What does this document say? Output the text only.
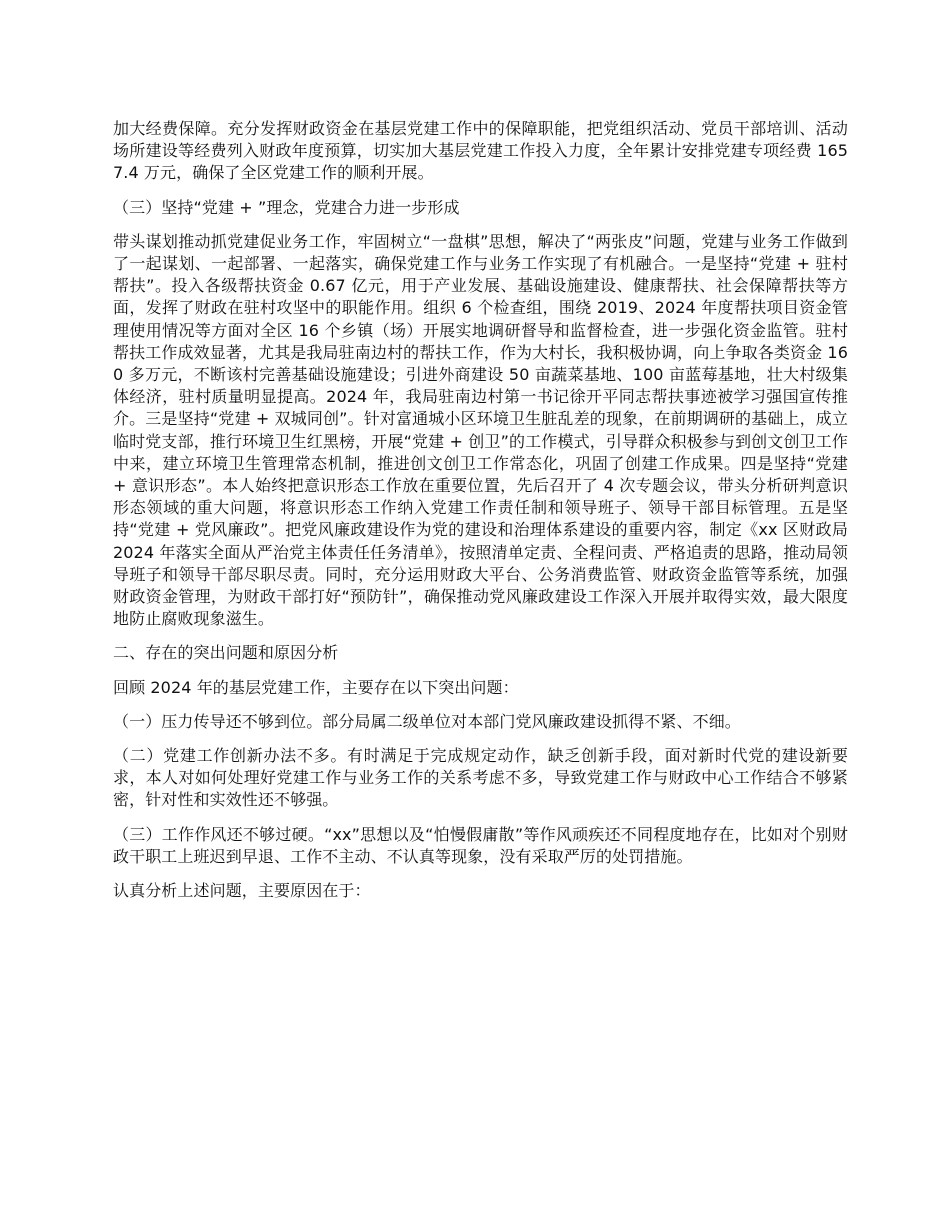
加大经费保障。充分发挥财政资金在基层党建工作中的保障职能，把党组织活动、党员干部培训、活动场所建设等经费列入财政年度预算，切实加大基层党建工作投入力度，全年累计安排党建专项经费 1657.4 万元，确保了全区党建工作的顺利开展。

（三）坚持“党建 + ”理念，党建合力进一步形成

带头谋划推动抓党建促业务工作，牢固树立“一盘棋”思想，解决了“两张皮”问题，党建与业务工作做到了一起谋划、一起部署、一起落实，确保党建工作与业务工作实现了有机融合。一是坚持“党建 + 驻村帮扶”。投入各级帮扶资金 0.67 亿元，用于产业发展、基础设施建设、健康帮扶、社会保障帮扶等方面，发挥了财政在驻村攻坚中的职能作用。组织 6 个检查组，围绕 2019、2024 年度帮扶项目资金管理使用情况等方面对全区 16 个乡镇（场）开展实地调研督导和监督检查，进一步强化资金监管。驻村帮扶工作成效显著，尤其是我局驻南边村的帮扶工作，作为大村长，我积极协调，向上争取各类资金 160 多万元，不断该村完善基础设施建设；引进外商建设 50 亩蔬菜基地、100 亩蓝莓基地，壮大村级集体经济，驻村质量明显提高。2024 年，我局驻南边村第一书记徐开平同志帮扶事迹被学习强国宣传推介。三是坚持“党建 + 双城同创”。针对富通城小区环境卫生脏乱差的现象，在前期调研的基础上，成立临时党支部，推行环境卫生红黑榜，开展“党建 + 创卫”的工作模式，引导群众积极参与到创文创卫工作中来，建立环境卫生管理常态机制，推进创文创卫工作常态化，巩固了创建工作成果。四是坚持“党建 + 意识形态”。本人始终把意识形态工作放在重要位置，先后召开了 4 次专题会议，带头分析研判意识形态领域的重大问题，将意识形态工作纳入党建工作责任制和领导班子、领导干部目标管理。五是坚持“党建 + 党风廉政”。把党风廉政建设作为党的建设和治理体系建设的重要内容，制定《xx 区财政局 2024 年落实全面从严治党主体责任任务清单》，按照清单定责、全程问责、严格追责的思路，推动局领导班子和领导干部尽职尽责。同时，充分运用财政大平台、公务消费监管、财政资金监管等系统，加强财政资金管理，为财政干部打好“预防针”，确保推动党风廉政建设工作深入开展并取得实效，最大限度地防止腐败现象滋生。

二、存在的突出问题和原因分析

回顾 2024 年的基层党建工作，主要存在以下突出问题：

（一）压力传导还不够到位。部分局属二级单位对本部门党风廉政建设抓得不紧、不细。

（二）党建工作创新办法不多。有时满足于完成规定动作，缺乏创新手段，面对新时代党的建设新要求，本人对如何处理好党建工作与业务工作的关系考虑不多，导致党建工作与财政中心工作结合不够紧密，针对性和实效性还不够强。

（三）工作作风还不够过硬。“xx”思想以及“怕慢假庸散”等作风顽疾还不同程度地存在，比如对个别财政干职工上班迟到早退、工作不主动、不认真等现象，没有采取严厉的处罚措施。

认真分析上述问题，主要原因在于：
